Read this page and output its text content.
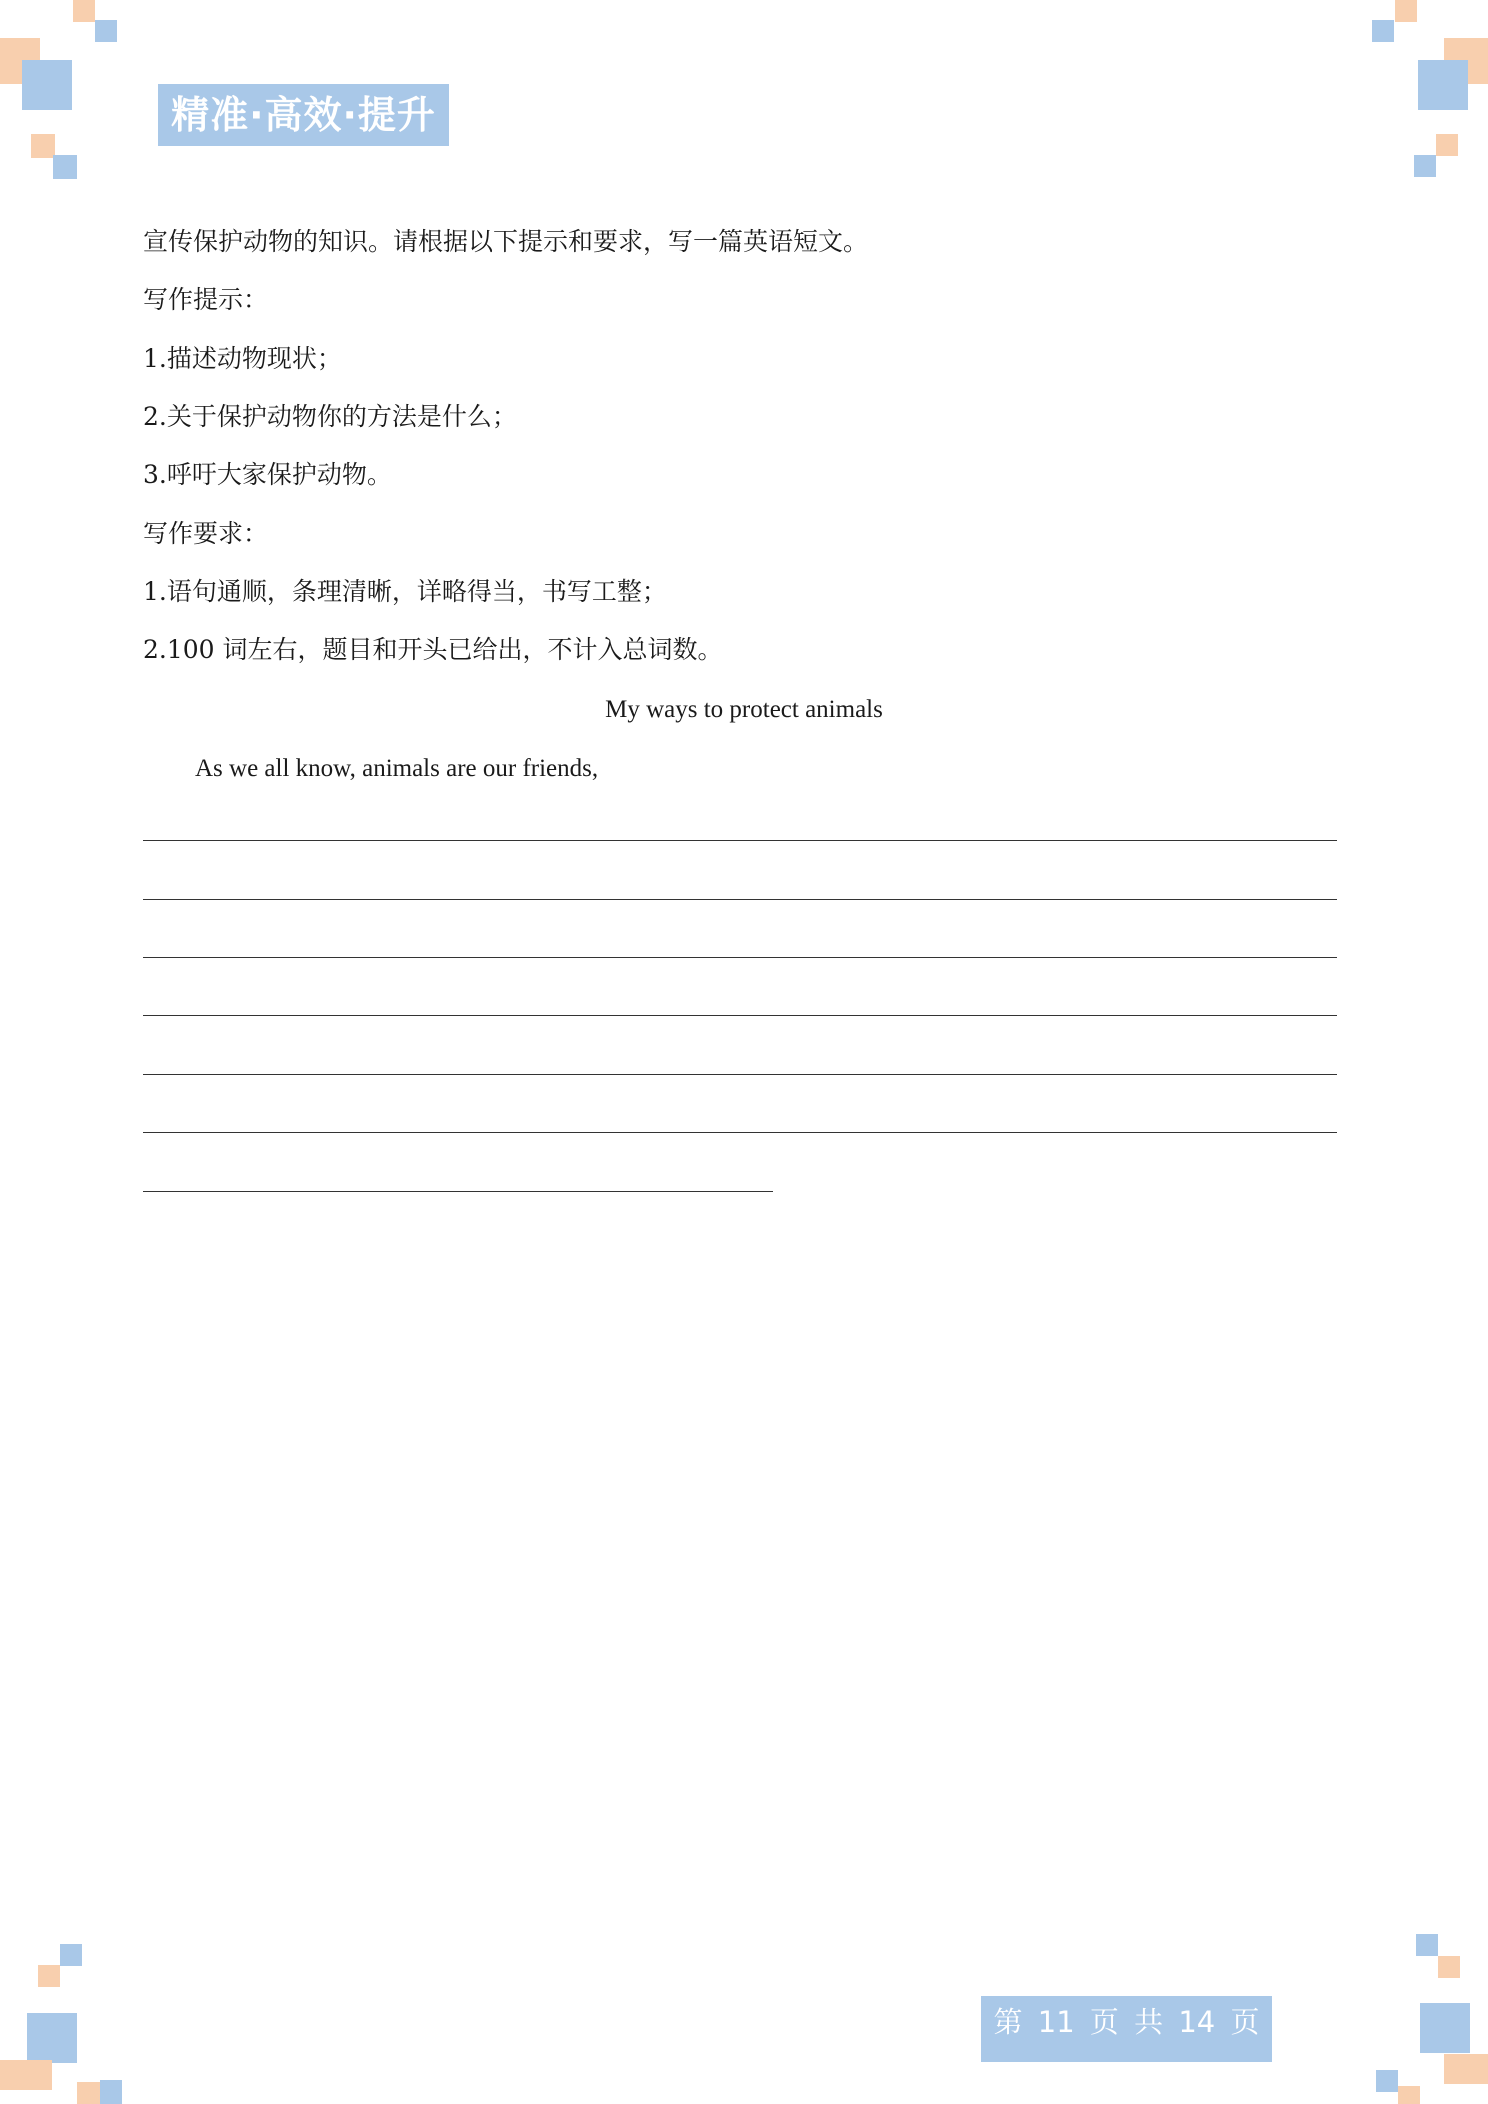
精准·高效·提升
宣传保护动物的知识。请根据以下提示和要求，写一篇英语短文。
写作提示：
1.描述动物现状；
2.关于保护动物你的方法是什么；
3.呼吁大家保护动物。
写作要求：
1.语句通顺，条理清晰，详略得当，书写工整；
2.100 词左右，题目和开头已给出，不计入总词数。
My ways to protect animals
As we all know, animals are our friends,
第 11 页 共 14 页
